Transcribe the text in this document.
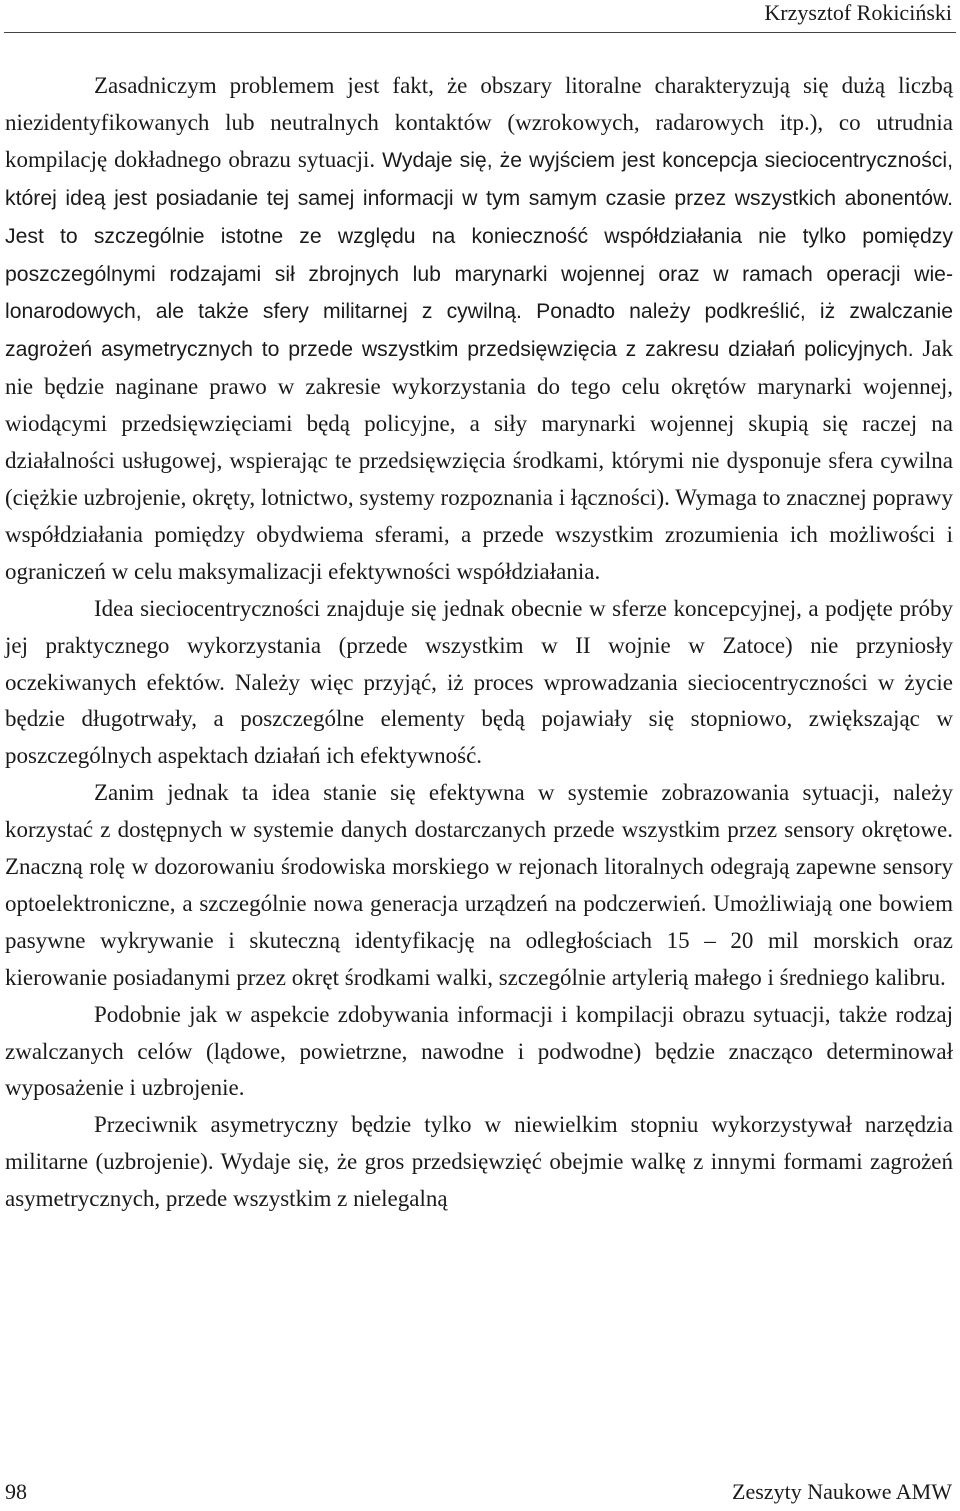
Krzysztof Rokiciński

Zasadniczym problemem jest fakt, że obszary litoralne charakteryzują się dużą liczbą niezidentyfikowanych lub neutralnych kontaktów (wzrokowych, radarowych itp.), co utrudnia kompilację dokładnego obrazu sytuacji. Wydaje się, że wyjściem jest koncepcja sieciocentryczności, której ideą jest posiadanie tej samej informacji w tym samym czasie przez wszystkich abonentów. Jest to szczególnie istotne ze względu na konieczność współdziałania nie tylko pomiędzy poszczególnymi rodzajami sił zbrojnych lub marynarki wojennej oraz w ramach operacji wielonarodowych, ale także sfery militarnej z cywilną. Ponadto należy podkreślić, iż zwalczanie zagrożeń asymetrycznych to przede wszystkim przedsięwzięcia z zakresu działań policyjnych. Jak nie będzie naginane prawo w zakresie wykorzystania do tego celu okrętów marynarki wojennej, wiodącymi przedsięwzięciami będą policyjne, a siły marynarki wojennej skupią się raczej na działalności usługowej, wspierając te przedsięwzięcia środkami, którymi nie dysponuje sfera cywilna (ciężkie uzbrojenie, okręty, lotnictwo, systemy rozpoznania i łączności). Wymaga to znacznej poprawy współdziałania pomiędzy obydwiema sferami, a przede wszystkim zrozumienia ich możliwości i ograniczeń w celu maksymalizacji efektywności współdziałania.

Idea sieciocentryczności znajduje się jednak obecnie w sferze koncepcyjnej, a podjęte próby jej praktycznego wykorzystania (przede wszystkim w II wojnie w Zatoce) nie przyniosły oczekiwanych efektów. Należy więc przyjąć, iż proces wprowadzania sieciocentryczności w życie będzie długotrwały, a poszczególne elementy będą pojawiały się stopniowo, zwiększając w poszczególnych aspektach działań ich efektywność.

Zanim jednak ta idea stanie się efektywna w systemie zobrazowania sytuacji, należy korzystać z dostępnych w systemie danych dostarczanych przede wszystkim przez sensory okrętowe. Znaczną rolę w dozorowaniu środowiska morskiego w rejonach litoralnych odegrają zapewne sensory optoelektroniczne, a szczególnie nowa generacja urządzeń na podczerwień. Umożliwiają one bowiem pasywne wykrywanie i skuteczną identyfikację na odległościach 15 – 20 mil morskich oraz kierowanie posiadanymi przez okręt środkami walki, szczególnie artylerią małego i średniego kalibru.

Podobnie jak w aspekcie zdobywania informacji i kompilacji obrazu sytuacji, także rodzaj zwalczanych celów (lądowe, powietrzne, nawodne i podwodne) będzie znacząco determinował wyposażenie i uzbrojenie.

Przeciwnik asymetryczny będzie tylko w niewielkim stopniu wykorzystywał narzędzia militarne (uzbrojenie). Wydaje się, że gros przedsięwzięć obejmie walkę z innymi formami zagrożeń asymetrycznych, przede wszystkim z nielegalną

98	Zeszyty Naukowe AMW
